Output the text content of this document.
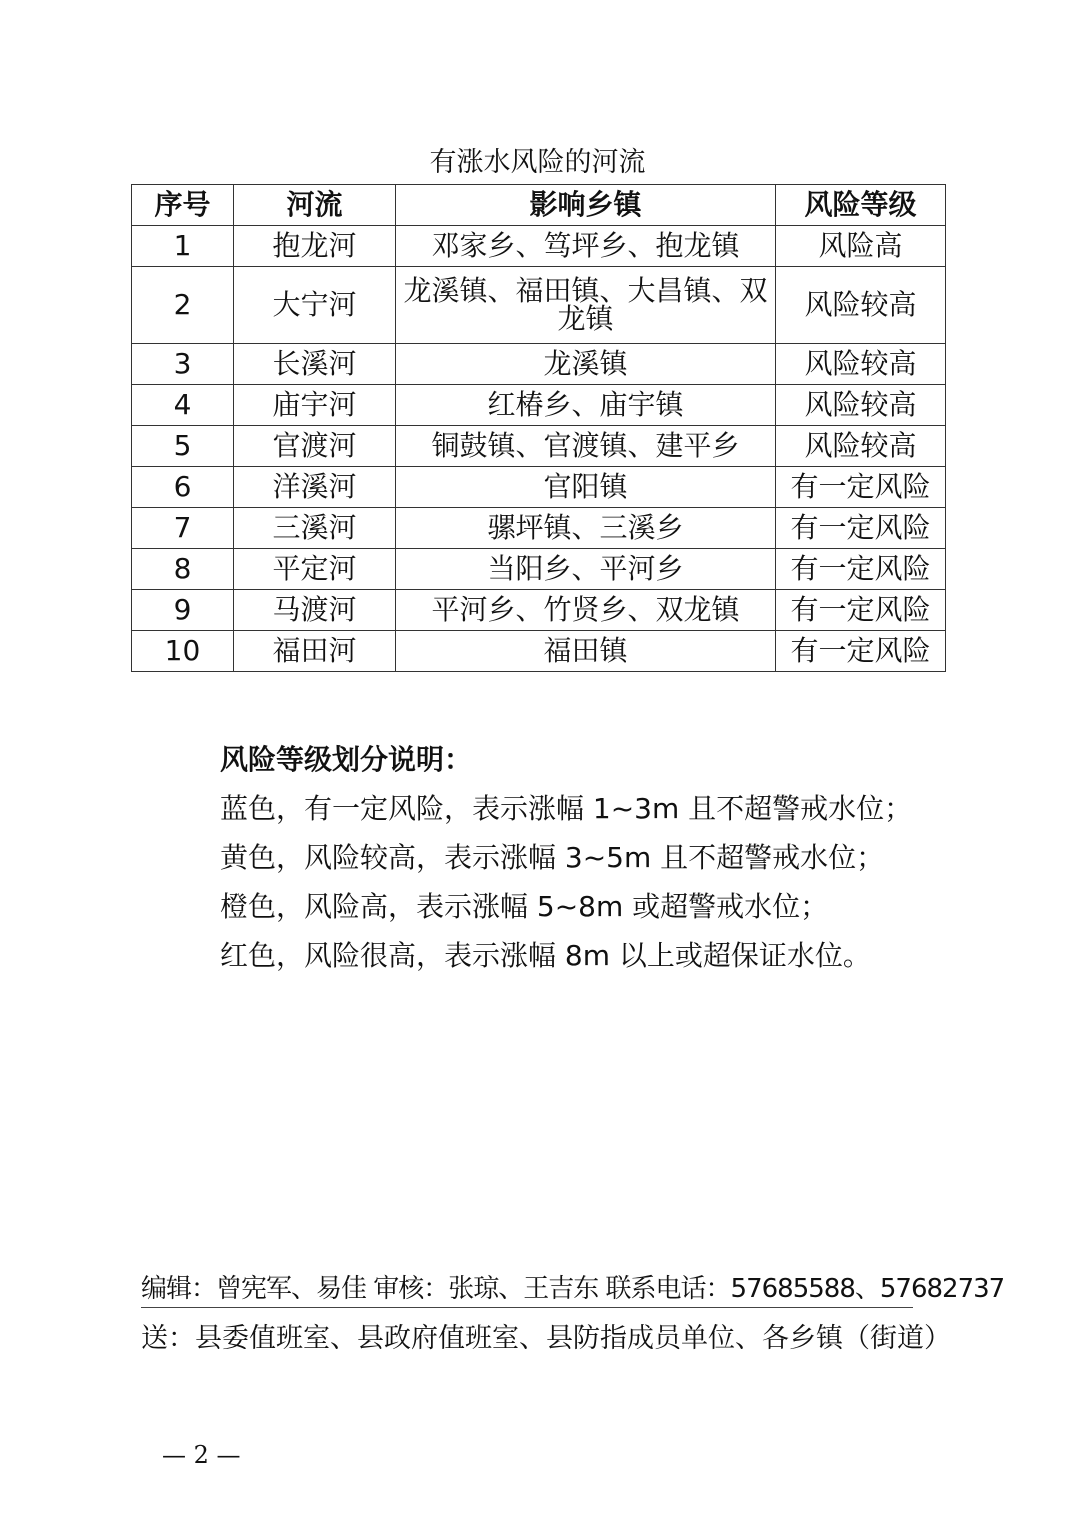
有涨水风险的河流
序号	河流	影响乡镇	风险等级
1	抱龙河	邓家乡、笃坪乡、抱龙镇	风险高
2	大宁河	龙溪镇、福田镇、大昌镇、双龙镇	风险较高
3	长溪河	龙溪镇	风险较高
4	庙宇河	红椿乡、庙宇镇	风险较高
5	官渡河	铜鼓镇、官渡镇、建平乡	风险较高
6	洋溪河	官阳镇	有一定风险
7	三溪河	骡坪镇、三溪乡	有一定风险
8	平定河	当阳乡、平河乡	有一定风险
9	马渡河	平河乡、竹贤乡、双龙镇	有一定风险
10	福田河	福田镇	有一定风险
风险等级划分说明：
蓝色，有一定风险，表示涨幅 1~3m 且不超警戒水位；
黄色，风险较高，表示涨幅 3~5m 且不超警戒水位；
橙色，风险高，表示涨幅 5~8m 或超警戒水位；
红色，风险很高，表示涨幅 8m 以上或超保证水位。
编辑：曾宪军、易佳 审核：张琼、王吉东 联系电话：57685588、57682737
送：县委值班室、县政府值班室、县防指成员单位、各乡镇（街道）
— 2 —
